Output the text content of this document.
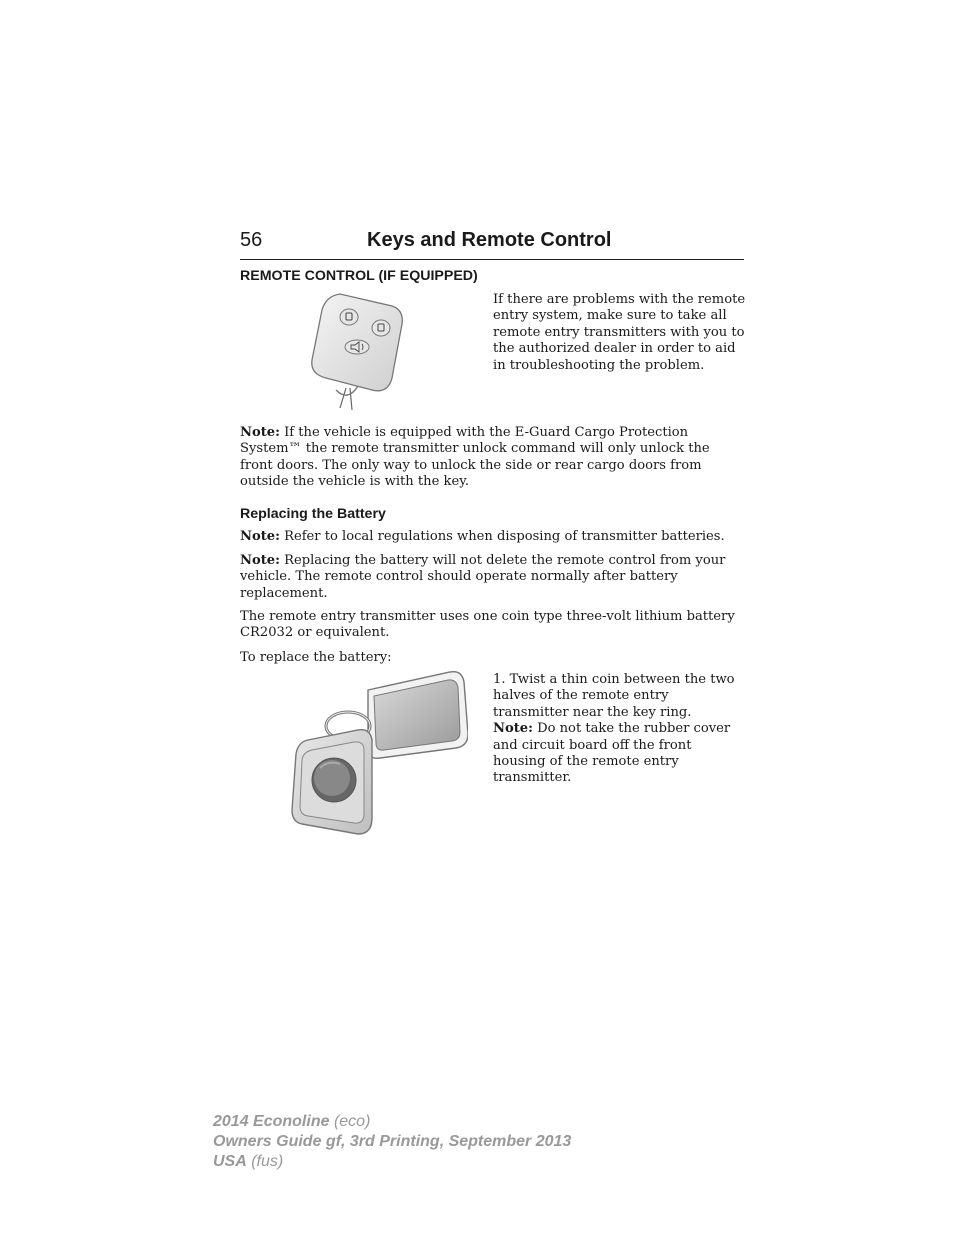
56	Keys and Remote Control
REMOTE CONTROL (IF EQUIPPED)

If there are problems with the remote entry system, make sure to take all remote entry transmitters with you to the authorized dealer in order to aid in troubleshooting the problem.

Note: If the vehicle is equipped with the E-Guard Cargo Protection System™ the remote transmitter unlock command will only unlock the front doors. The only way to unlock the side or rear cargo doors from outside the vehicle is with the key.

Replacing the Battery

Note: Refer to local regulations when disposing of transmitter batteries.

Note: Replacing the battery will not delete the remote control from your vehicle. The remote control should operate normally after battery replacement.

The remote entry transmitter uses one coin type three-volt lithium battery CR2032 or equivalent.

To replace the battery:

1. Twist a thin coin between the two halves of the remote entry transmitter near the key ring.
Note: Do not take the rubber cover and circuit board off the front housing of the remote entry transmitter.

2014 Econoline (eco)
Owners Guide gf, 3rd Printing, September 2013
USA (fus)
